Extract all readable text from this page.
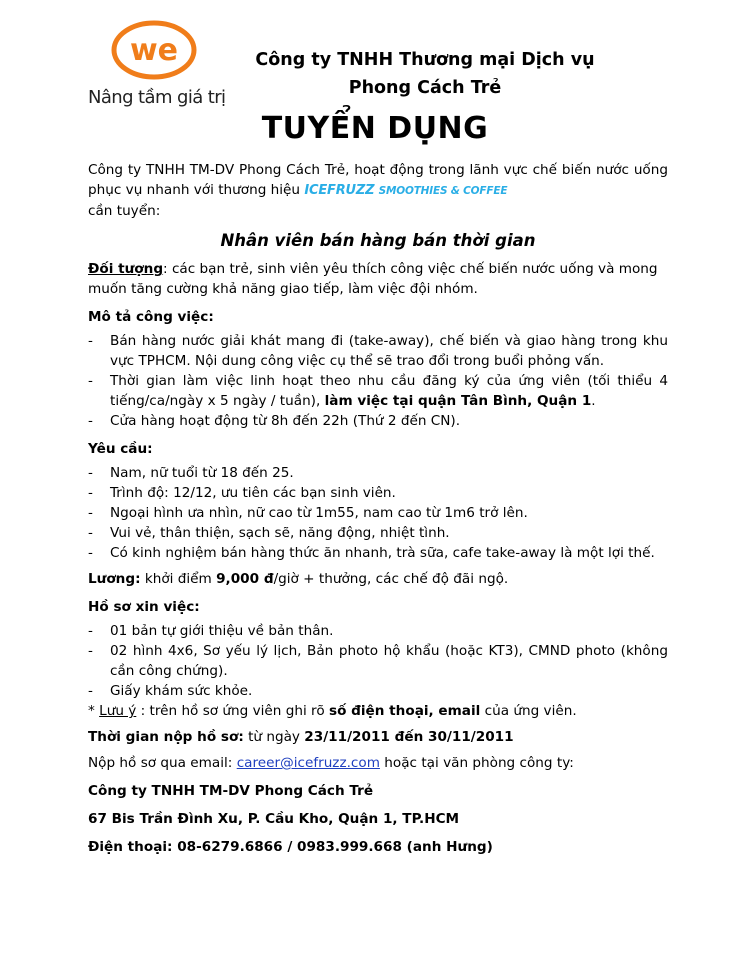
we
Nâng tầm giá trị
Công ty TNHH Thương mại Dịch vụ
Phong Cách Trẻ
TUYỂN DỤNG

Công ty TNHH TM-DV Phong Cách Trẻ, hoạt động trong lãnh vực chế biến nước uống phục vụ nhanh với thương hiệu ICEFRUZZ SMOOTHIES & COFFEE
cần tuyển:

Nhân viên bán hàng bán thời gian

Đối tượng: các bạn trẻ, sinh viên yêu thích công việc chế biến nước uống và mong muốn tăng cường khả năng giao tiếp, làm việc đội nhóm.

Mô tả công việc:

- Bán hàng nước giải khát mang đi (take-away), chế biến và giao hàng trong khu vực TPHCM. Nội dung công việc cụ thể sẽ trao đổi trong buổi phỏng vấn.
- Thời gian làm việc linh hoạt theo nhu cầu đăng ký của ứng viên (tối thiểu 4 tiếng/ca/ngày x 5 ngày / tuần), làm việc tại quận Tân Bình, Quận 1.
- Cửa hàng hoạt động từ 8h đến 22h (Thứ 2 đến CN).

Yêu cầu:

- Nam, nữ tuổi từ 18 đến 25.
- Trình độ: 12/12, ưu tiên các bạn sinh viên.
- Ngoại hình ưa nhìn, nữ cao từ 1m55, nam cao từ 1m6 trở lên.
- Vui vẻ, thân thiện, sạch sẽ, năng động, nhiệt tình.
- Có kinh nghiệm bán hàng thức ăn nhanh, trà sữa, cafe take-away là một lợi thế.

Lương: khởi điểm 9,000 đ/giờ + thưởng, các chế độ đãi ngộ.

Hồ sơ xin việc:

- 01 bản tự giới thiệu về bản thân.
- 02 hình 4x6, Sơ yếu lý lịch, Bản photo hộ khẩu (hoặc KT3), CMND photo (không cần công chứng).
- Giấy khám sức khỏe.

* Lưu ý : trên hồ sơ ứng viên ghi rõ số điện thoại, email của ứng viên.

Thời gian nộp hồ sơ: từ ngày 23/11/2011 đến 30/11/2011

Nộp hồ sơ qua email: career@icefruzz.com hoặc tại văn phòng công ty:

Công ty TNHH TM-DV Phong Cách Trẻ

67 Bis Trần Đình Xu, P. Cầu Kho, Quận 1, TP.HCM

Điện thoại: 08-6279.6866 / 0983.999.668 (anh Hưng)
